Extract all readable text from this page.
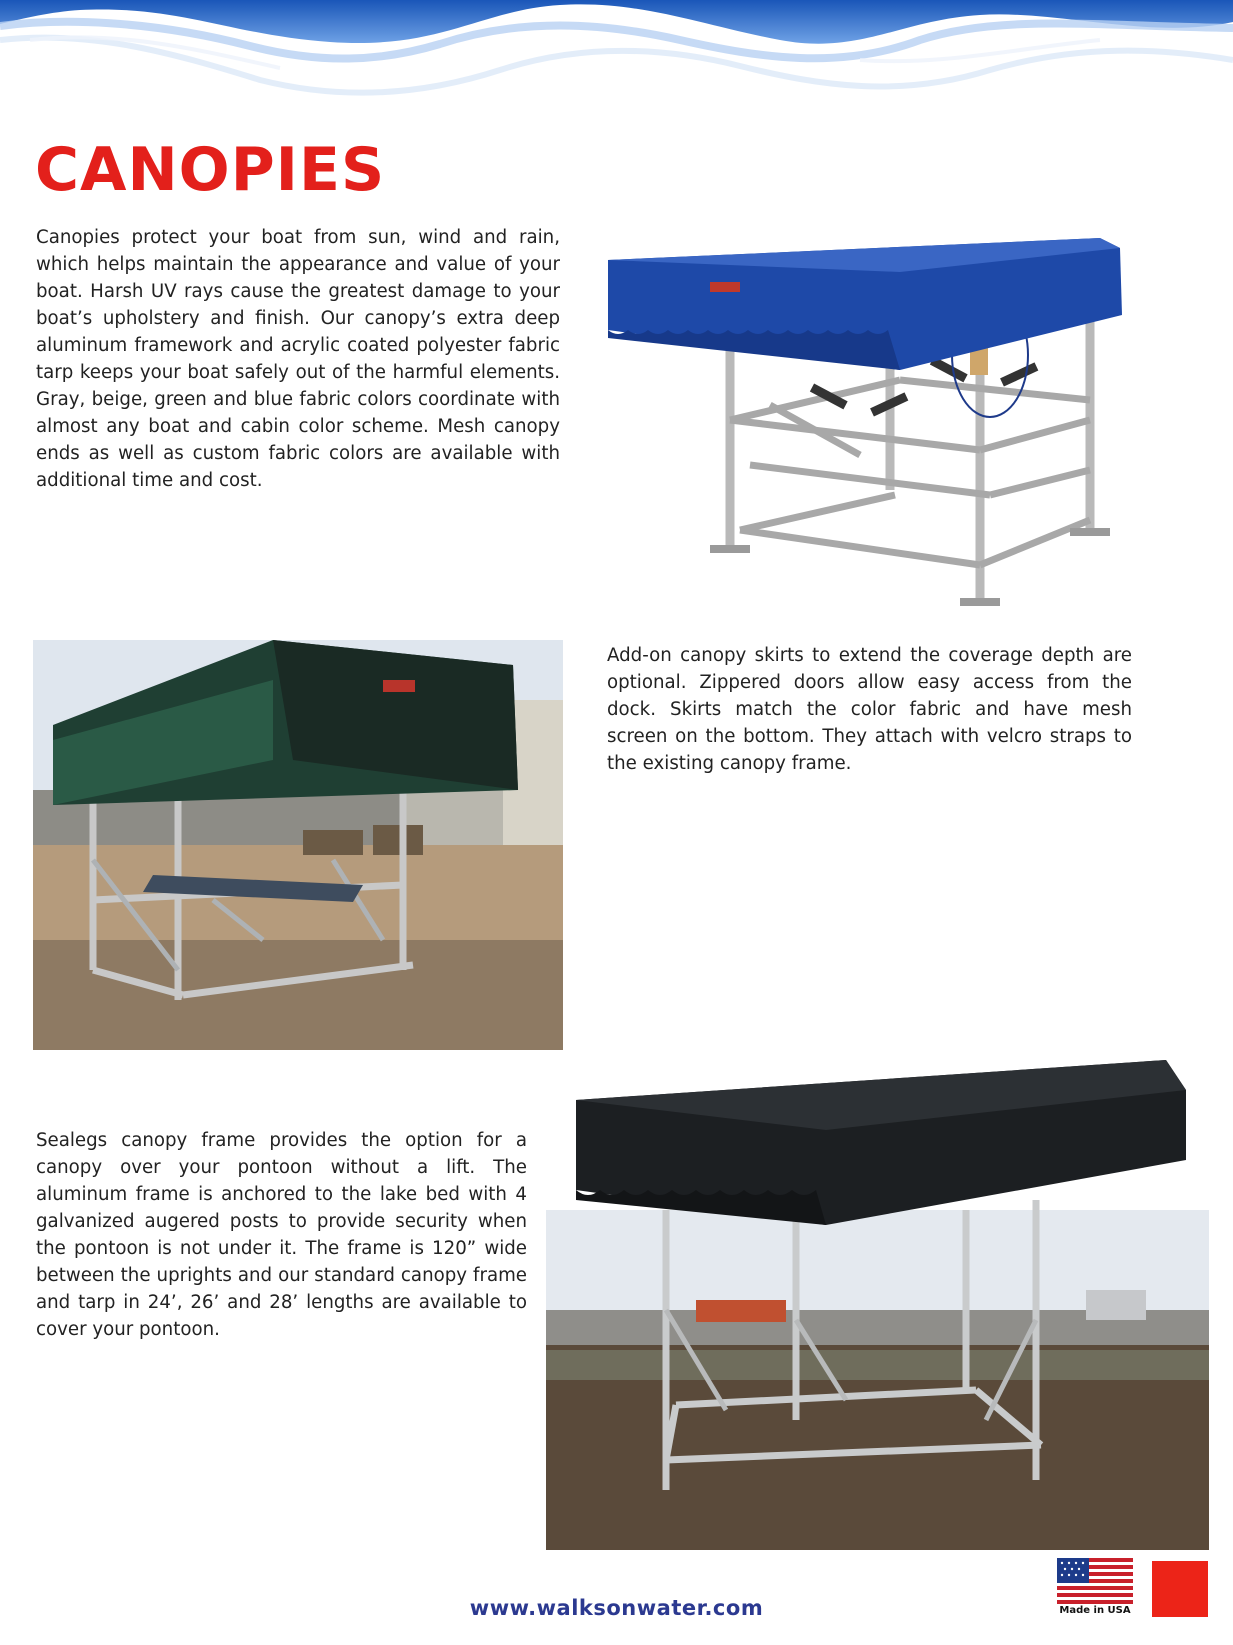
CANOPIES

Canopies protect your boat from sun, wind and rain, which helps maintain the appearance and value of your boat. Harsh UV rays cause the greatest damage to your boat’s upholstery and finish. Our canopy’s extra deep aluminum framework and acrylic coated polyester fabric tarp keeps your boat safely out of the harmful elements. Gray, beige, green and blue fabric colors coordinate with almost any boat and cabin color scheme. Mesh canopy ends as well as custom fabric colors are available with additional time and cost.

Add-on canopy skirts to extend the coverage depth are optional. Zippered doors allow easy access from the dock. Skirts match the color fabric and have mesh screen on the bottom. They attach with velcro straps to the existing canopy frame.

Sealegs canopy frame provides the option for a canopy over your pontoon without a lift. The aluminum frame is anchored to the lake bed with 4 galvanized augered posts to provide security when the pontoon is not under it. The frame is 120” wide between the uprights and our standard canopy frame and tarp in 24’, 26’ and 28’ lengths are available to cover your pontoon.

www.walksonwater.com	Made in USA
